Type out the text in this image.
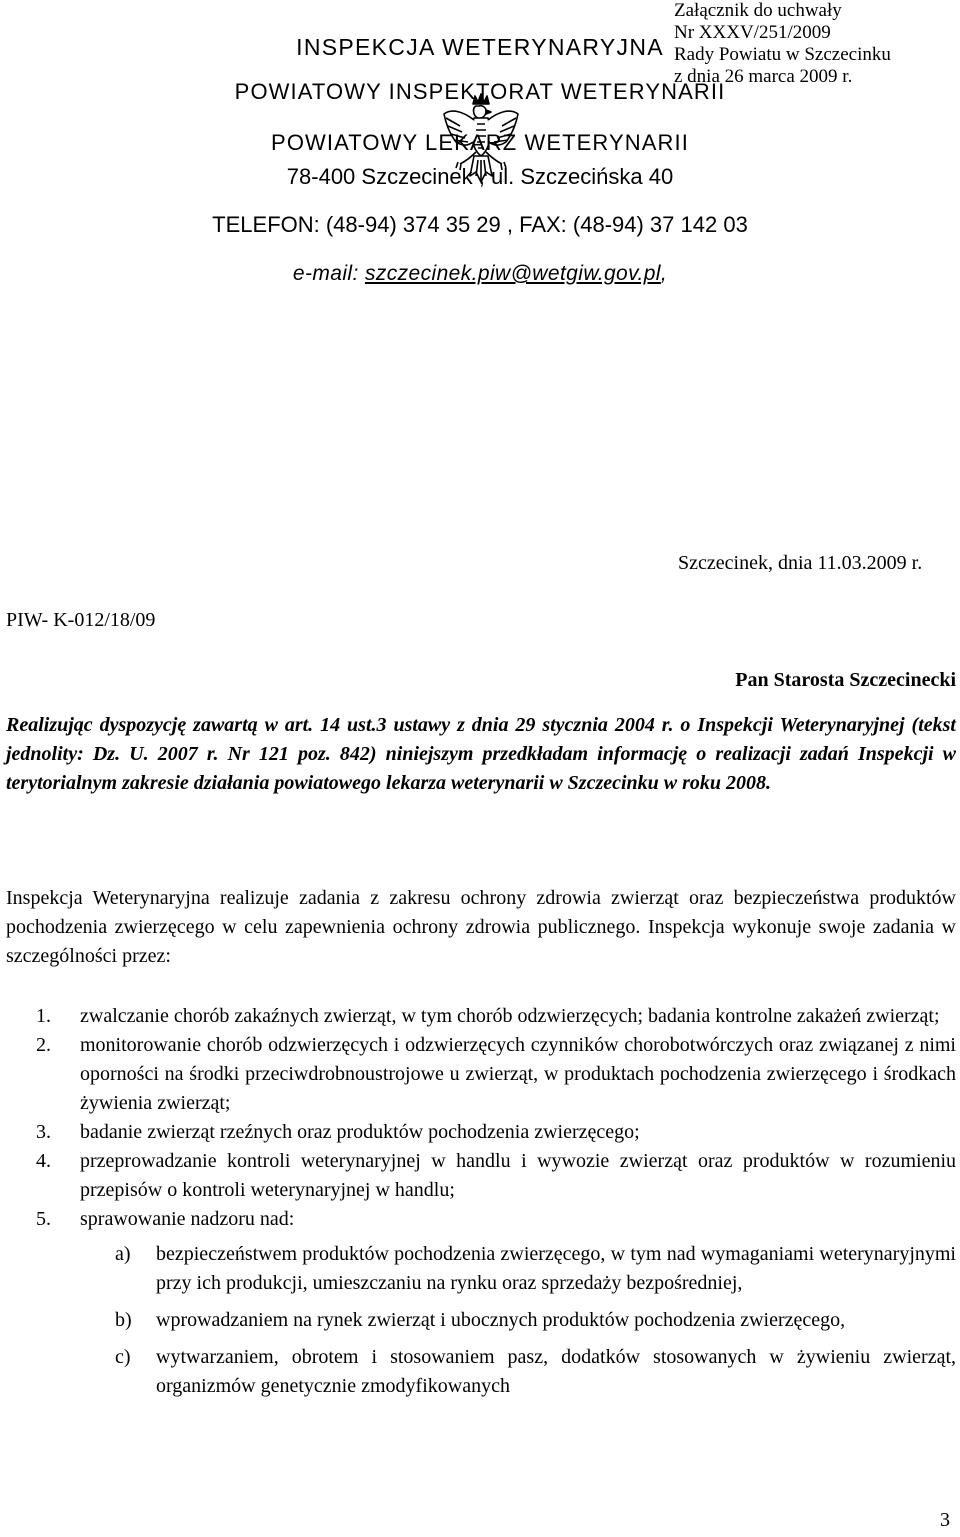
Załącznik do uchwały
Nr XXXV/251/2009
Rady Powiatu w Szczecinku
z dnia 26 marca 2009 r.
INSPEKCJA WETERYNARYJNA
POWIATOWY INSPEKTORAT WETERYNARII
POWIATOWY LEKARZ WETERYNARII
78-400 Szczecinek , ul. Szczecińska 40
TELEFON: (48-94) 374 35 29 , FAX: (48-94) 37 142 03
e-mail: szczecinek.piw@wetgiw.gov.pl,
Szczecinek, dnia 11.03.2009 r.
PIW- K-012/18/09
Pan Starosta Szczecinecki
Realizując dyspozycję zawartą w art. 14 ust.3 ustawy z dnia 29 stycznia 2004 r. o Inspekcji Weterynaryjnej (tekst jednolity: Dz. U. 2007 r. Nr 121 poz. 842) niniejszym przedkładam informację o realizacji zadań Inspekcji w terytorialnym zakresie działania powiatowego lekarza weterynarii w Szczecinku w roku 2008.
Inspekcja Weterynaryjna realizuje zadania z zakresu ochrony zdrowia zwierząt oraz bezpieczeństwa produktów pochodzenia zwierzęcego w celu zapewnienia ochrony zdrowia publicznego. Inspekcja wykonuje swoje zadania w szczególności przez:
1. zwalczanie chorób zakaźnych zwierząt, w tym chorób odzwierzęcych; badania kontrolne zakażeń zwierząt;
2. monitorowanie chorób odzwierzęcych i odzwierzęcych czynników chorobotwórczych oraz związanej z nimi oporności na środki przeciwdrobnoustrojowe u zwierząt, w produktach pochodzenia zwierzęcego i środkach żywienia zwierząt;
3. badanie zwierząt rzeźnych oraz produktów pochodzenia zwierzęcego;
4. przeprowadzanie kontroli weterynaryjnej w handlu i wywozie zwierząt oraz produktów w rozumieniu przepisów o kontroli weterynaryjnej w handlu;
5. sprawowanie nadzoru nad:
a) bezpieczeństwem produktów pochodzenia zwierzęcego, w tym nad wymaganiami weterynaryjnymi przy ich produkcji, umieszczaniu na rynku oraz sprzedaży bezpośredniej,
b) wprowadzaniem na rynek zwierząt i ubocznych produktów pochodzenia zwierzęcego,
c) wytwarzaniem, obrotem i stosowaniem pasz, dodatków stosowanych w żywieniu zwierząt, organizmów genetycznie zmodyfikowanych
3
